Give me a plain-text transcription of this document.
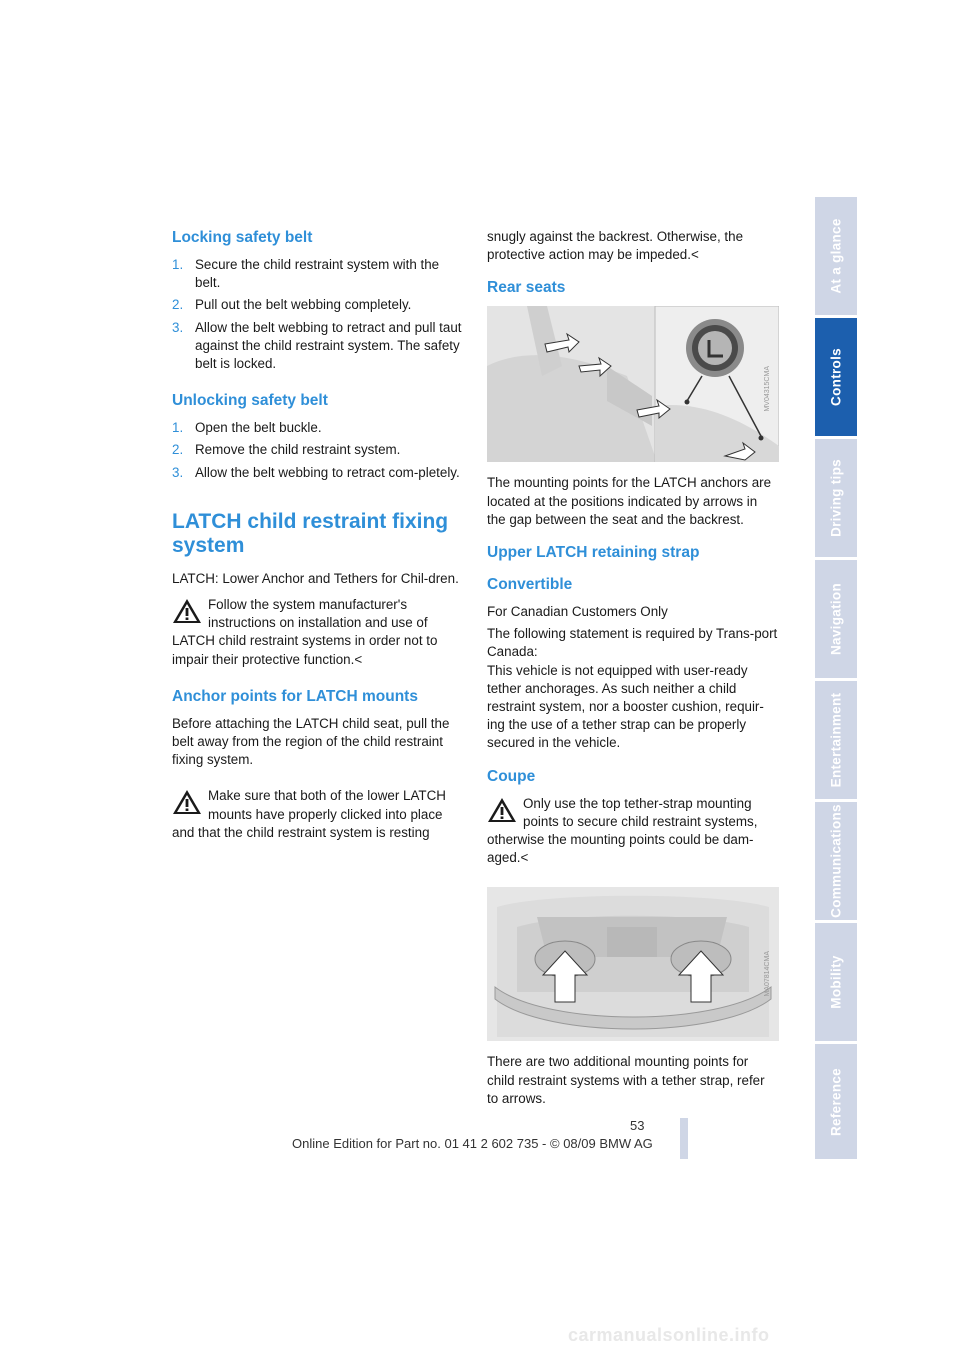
Locking safety belt
1. Secure the child restraint system with the belt.
2. Pull out the belt webbing completely.
3. Allow the belt webbing to retract and pull taut against the child restraint system. The safety belt is locked.
Unlocking safety belt
1. Open the belt buckle.
2. Remove the child restraint system.
3. Allow the belt webbing to retract com-pletely.
LATCH child restraint fixing system

LATCH: Lower Anchor and Tethers for Chil-dren.

Follow the system manufacturer's instructions on installation and use of LATCH child restraint systems in order not to impair their protective function.<
Anchor points for LATCH mounts

Before attaching the LATCH child seat, pull the belt away from the region of the child restraint fixing system.

Make sure that both of the lower LATCH mounts have properly clicked into place and that the child restraint system is resting

snugly against the backrest. Otherwise, the protective action may be impeded.<

Rear seats
MV04315CMA

The mounting points for the LATCH anchors are located at the positions indicated by arrows in the gap between the seat and the backrest.

Upper LATCH retaining strap
Convertible

For Canadian Customers Only

The following statement is required by Trans-port Canada:

This vehicle is not equipped with user-ready tether anchorages. As such neither a child restraint system, nor a booster cushion, requir-ing the use of a tether strap can be properly secured in the vehicle.

Coupe
Only use the top tether-strap mounting points to secure child restraint systems, otherwise the mounting points could be dam-aged.<
MA07814CMA

There are two additional mounting points for child restraint systems with a tether strap, refer to arrows.

At a glance
Controls
Driving tips
Navigation
Entertainment
Communications
Mobility
Reference
53
Online Edition for Part no. 01 41 2 602 735 - © 08/09 BMW AG
carmanualsonline.info
